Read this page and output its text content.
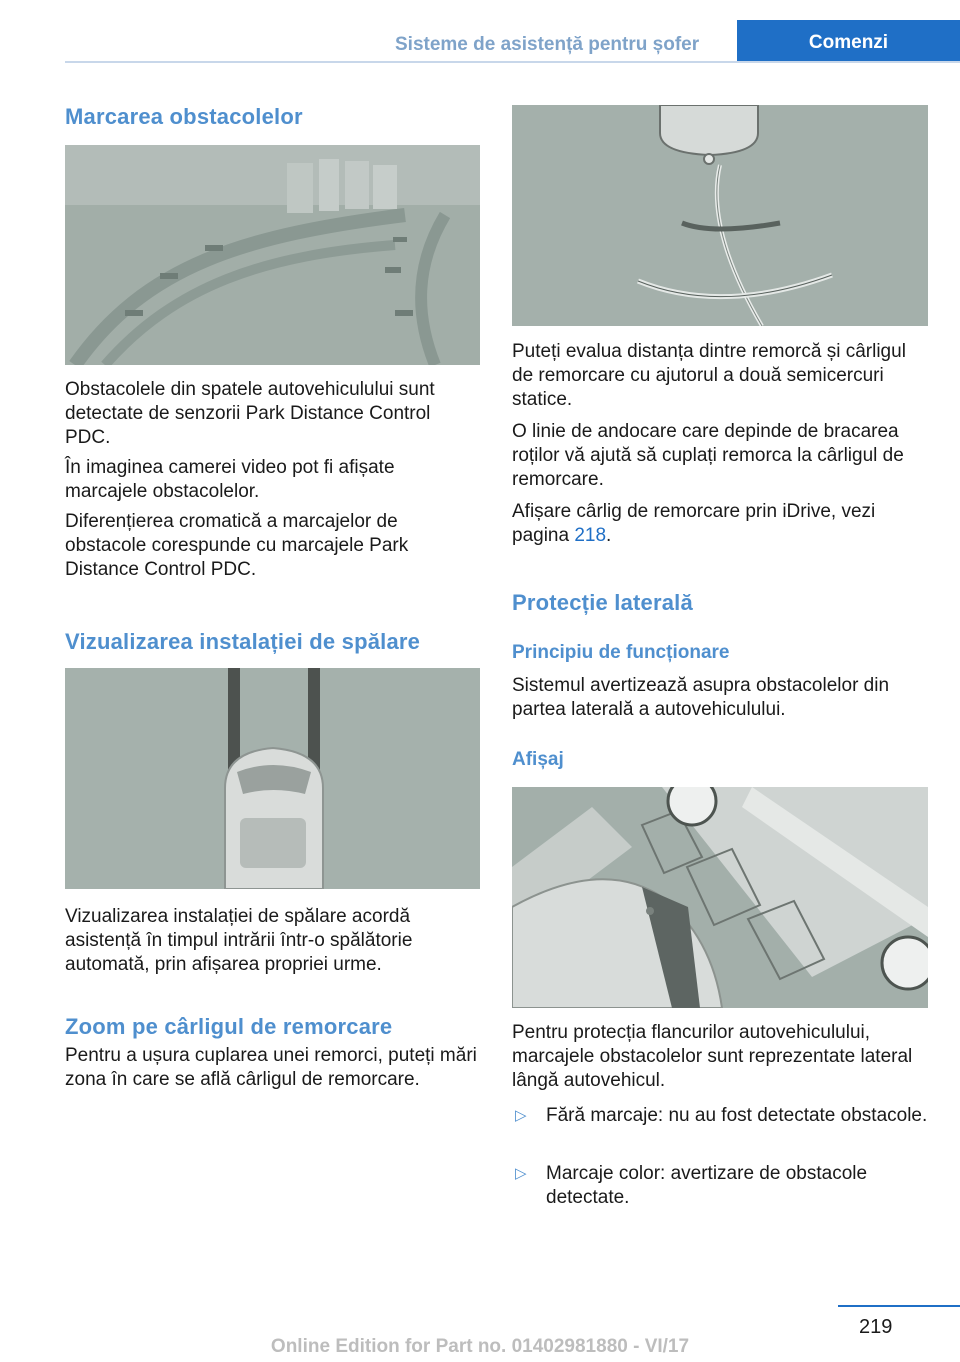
Sisteme de asistență pentru șofer	Comenzi
Marcarea obstacolelor

Obstacolele din spatele autovehiculului sunt detectate de senzorii Park Distance Control PDC.

În imaginea camerei video pot fi afișate marcajele obstacolelor.

Diferențierea cromatică a marcajelor de obstacole corespunde cu marcajele Park Distance Control PDC.

Vizualizarea instalației de spălare

Vizualizarea instalației de spălare acordă asistență în timpul intrării într-o spălătorie automată, prin afișarea propriei urme.

Zoom pe cârligul de remorcare

Pentru a ușura cuplarea unei remorci, puteți mări zona în care se află cârligul de remorcare.

Puteți evalua distanța dintre remorcă și cârligul de remorcare cu ajutorul a două semicercuri statice.

O linie de andocare care depinde de bracarea roților vă ajută să cuplați remorca la cârligul de remorcare.

Afișare cârlig de remorcare prin iDrive, vezi pagina 218.

Protecție laterală
Principiu de funcționare

Sistemul avertizează asupra obstacolelor din partea laterală a autovehiculului.

Afișaj

Pentru protecția flancurilor autovehiculului, marcajele obstacolelor sunt reprezentate lateral lângă autovehicul.

▷ Fără marcaje: nu au fost detectate obstacole.
▷ Marcaje color: avertizare de obstacole detectate.
219
Online Edition for Part no. 01402981880 - VI/17
